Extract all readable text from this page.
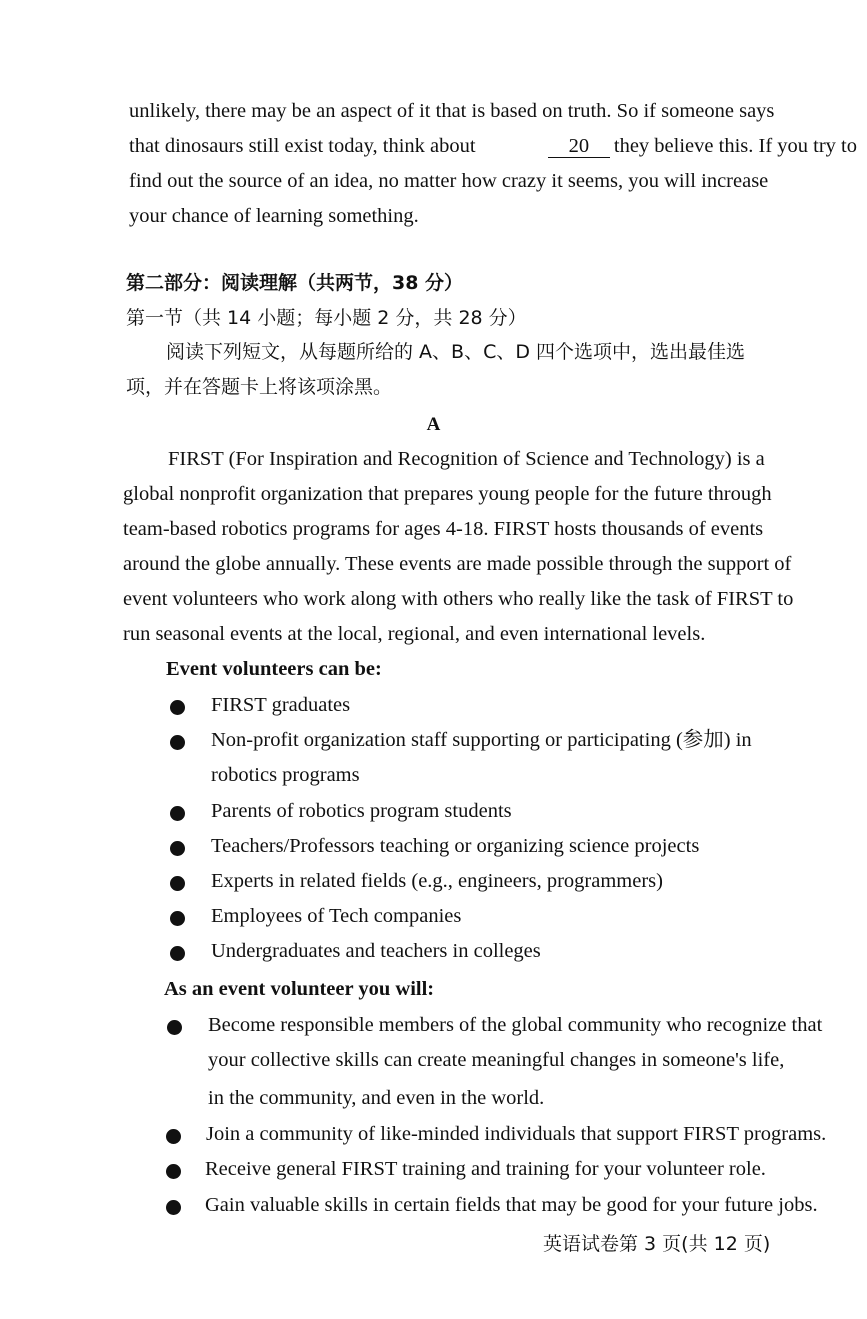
unlikely, there may be an aspect of it that is based on truth. So if someone says
that dinosaurs still exist today, think about	20	they believe this. If you try to
find out the source of an idea, no matter how crazy it seems, you will increase
your chance of learning something.
第二部分：阅读理解（共两节，38 分）
第一节（共 14 小题；每小题 2 分，共 28 分）
阅读下列短文，从每题所给的 A、B、C、D 四个选项中，选出最佳选
项，并在答题卡上将该项涂黑。
A
FIRST (For Inspiration and Recognition of Science and Technology) is a
global nonprofit organization that prepares young people for the future through
team-based robotics programs for ages 4-18. FIRST hosts thousands of events
around the globe annually. These events are made possible through the support of
event volunteers who work along with others who really like the task of FIRST to
run seasonal events at the local, regional, and even international levels.
Event volunteers can be:
FIRST graduates
Non-profit organization staff supporting or participating (参加) in
robotics programs
Parents of robotics program students
Teachers/Professors teaching or organizing science projects
Experts in related fields (e.g., engineers, programmers)
Employees of Tech companies
Undergraduates and teachers in colleges
As an event volunteer you will:
Become responsible members of the global community who recognize that
your collective skills can create meaningful changes in someone's life,
in the community, and even in the world.
Join a community of like-minded individuals that support FIRST programs.
Receive general FIRST training and training for your volunteer role.
Gain valuable skills in certain fields that may be good for your future jobs.
英语试卷第 3 页(共 12 页)
